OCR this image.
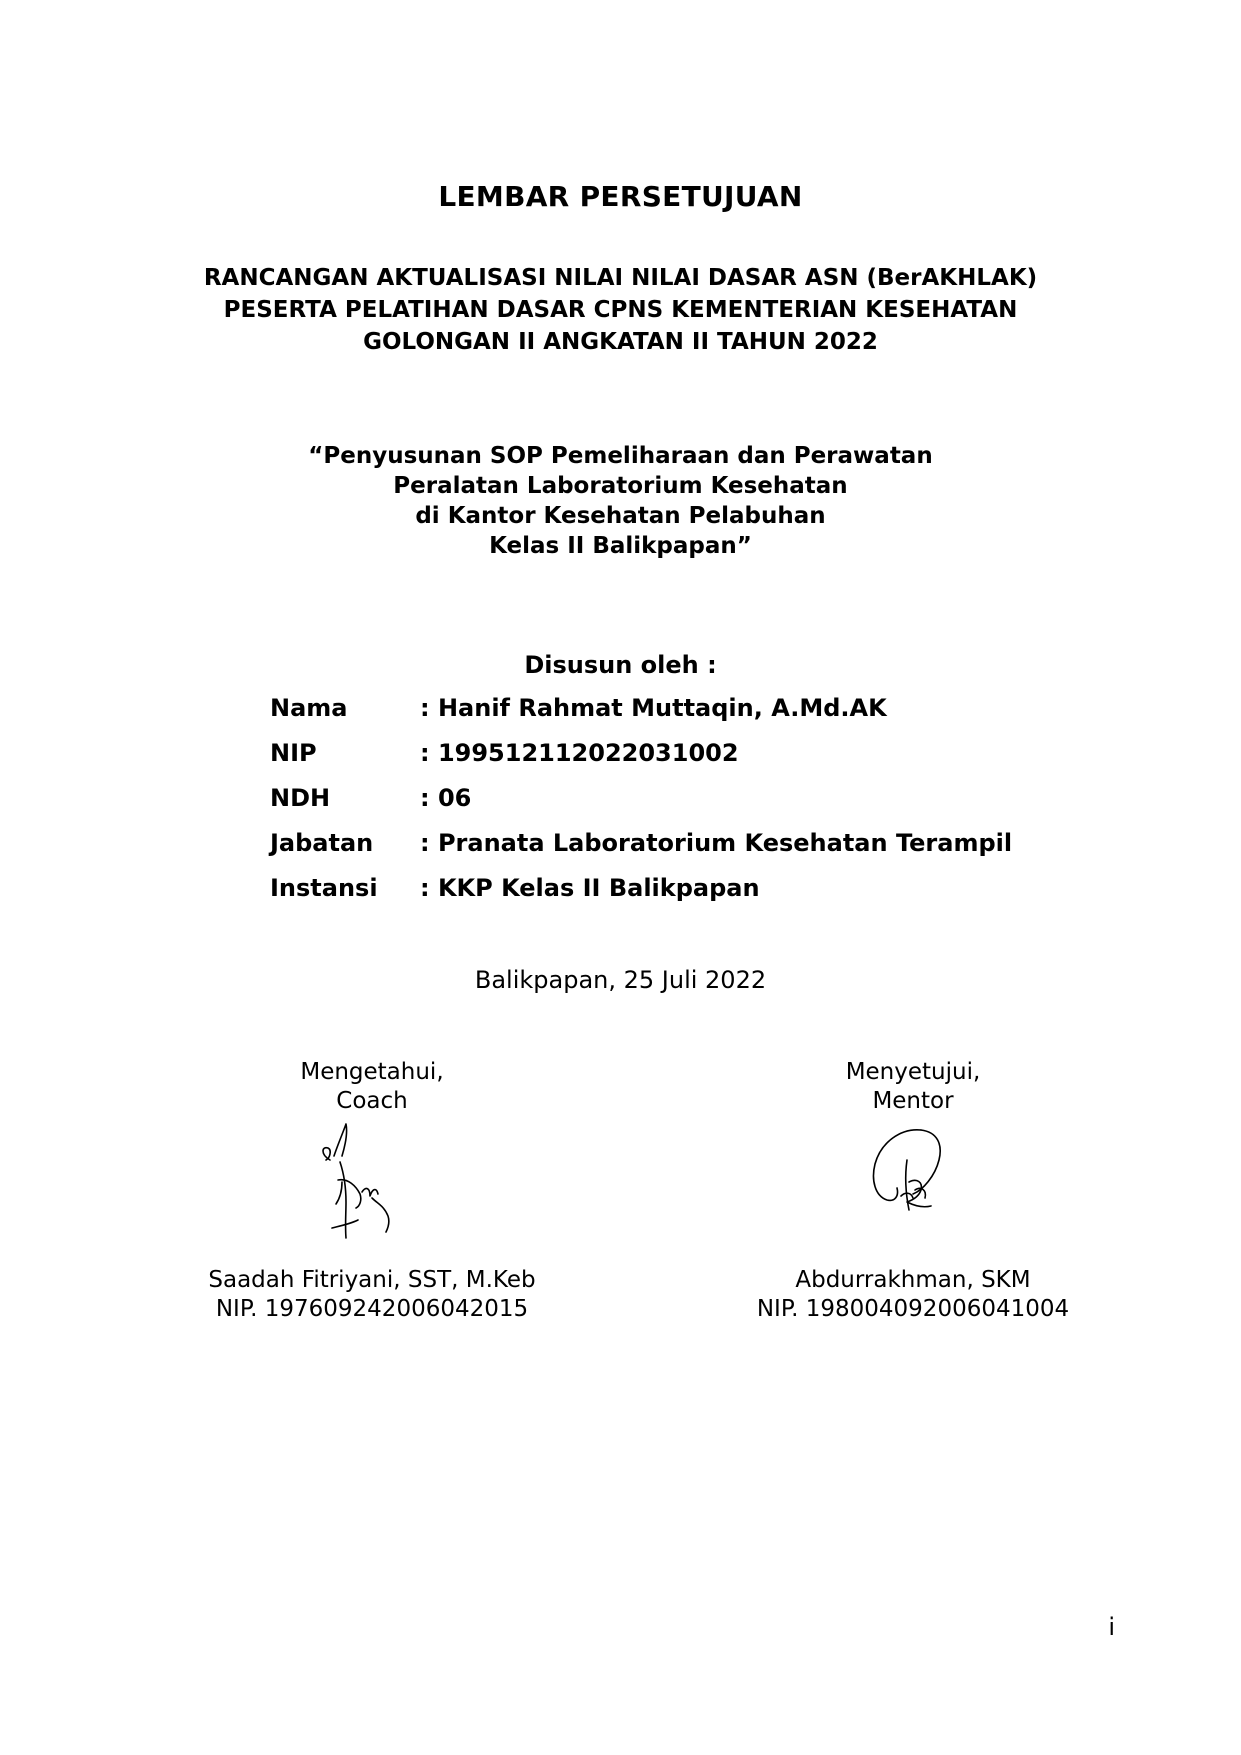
LEMBAR PERSETUJUAN
RANCANGAN AKTUALISASI NILAI NILAI DASAR ASN (BerAKHLAK)
PESERTA PELATIHAN DASAR CPNS KEMENTERIAN KESEHATAN
GOLONGAN II ANGKATAN II TAHUN 2022
“Penyusunan SOP Pemeliharaan dan Perawatan
Peralatan Laboratorium Kesehatan
di Kantor Kesehatan Pelabuhan
Kelas II Balikpapan”
Disusun oleh :
Nama	: Hanif Rahmat Muttaqin, A.Md.AK
NIP	: 199512112022031002
NDH	: 06
Jabatan : Pranata Laboratorium Kesehatan Terampil
Instansi : KKP Kelas II Balikpapan
Balikpapan, 25 Juli 2022
Mengetahui,
Coach
Saadah Fitriyani, SST, M.Keb
NIP. 197609242006042015
Menyetujui,
Mentor
Abdurrakhman, SKM
NIP. 198004092006041004
i
